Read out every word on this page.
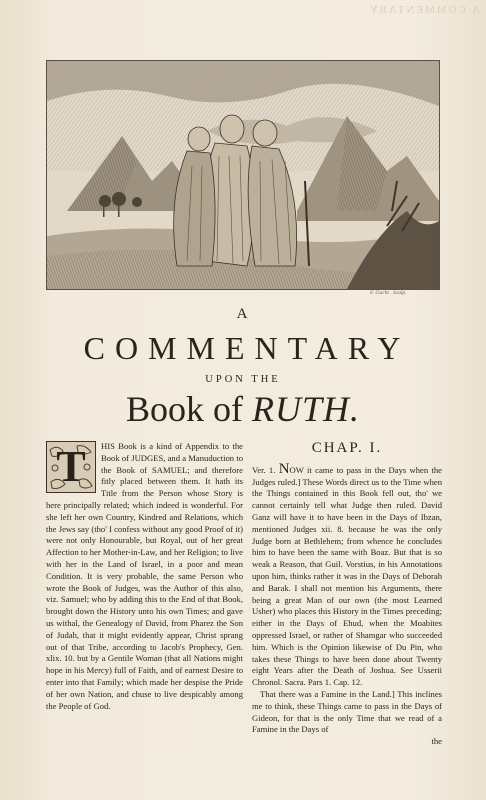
A COMMENTARY
F. Gucht . Sculp.
A
COMMENTARY
UPON THE
Book of RUTH.
T	HIS Book is a kind of Appendix to the Book of JUDGES, and a Manuduction to the Book of SAMUEL; and therefore fitly placed between them. It hath its Title from the Person whose Story is here principally related; which indeed is wonderful. For she left her own Country, Kindred and Relations, which the Jews say (tho' I confess without any good Proof of it) were not only Honourable, but Royal, out of her great Affection to her Mother-in-Law, and her Religion; to live with her in the Land of Israel, in a poor and mean Condition. It is very probable, the same Person who wrote the Book of Judges, was the Author of this also, viz. Samuel; who by adding this to the End of that Book, brought down the History unto his own Times; and gave us withal, the Genealogy of David, from Pharez the Son of Judah, that it might evidently appear, Christ sprang out of that Tribe, according to Jacob's Prophecy, Gen. xlix. 10. but by a Gentile Woman (that all Nations might hope in his Mercy) full of Faith, and of earnest Desire to enter into that Family; which made her despise the Pride of her own Nation, and chuse to live despicably among the People of God.

CHAP. I.

Ver. 1. NOW it came to pass in the Days when the Judges ruled.] These Words direct us to the Time when the Things contained in this Book fell out, tho' we cannot certainly tell what Judge then ruled. David Ganz will have it to have been in the Days of Ibzan, mentioned Judges xii. 8. because he was the only Judge born at Bethlehem; from whence he concludes him to have been the same with Boaz. But that is so weak a Reason, that Guil. Vorstius, in his Annotations upon him, thinks rather it was in the Days of Deborah and Barak. I shall not mention his Arguments, there being a great Man of our own (the most Learned Usher) who places this History in the Times preceding; either in the Days of Ehud, when the Moabites oppressed Israel, or rather of Shamgar who succeeded him. Which is the Opinion likewise of Du Pin, who takes these Things to have been done about Twenty eight Years after the Death of Joshua. See Usserii Chronol. Sacra. Pars 1. Cap. 12.

That there was a Famine in the Land.] This inclines me to think, these Things came to pass in the Days of Gideon, for that is the only Time that we read of a Famine in the Days of

the
